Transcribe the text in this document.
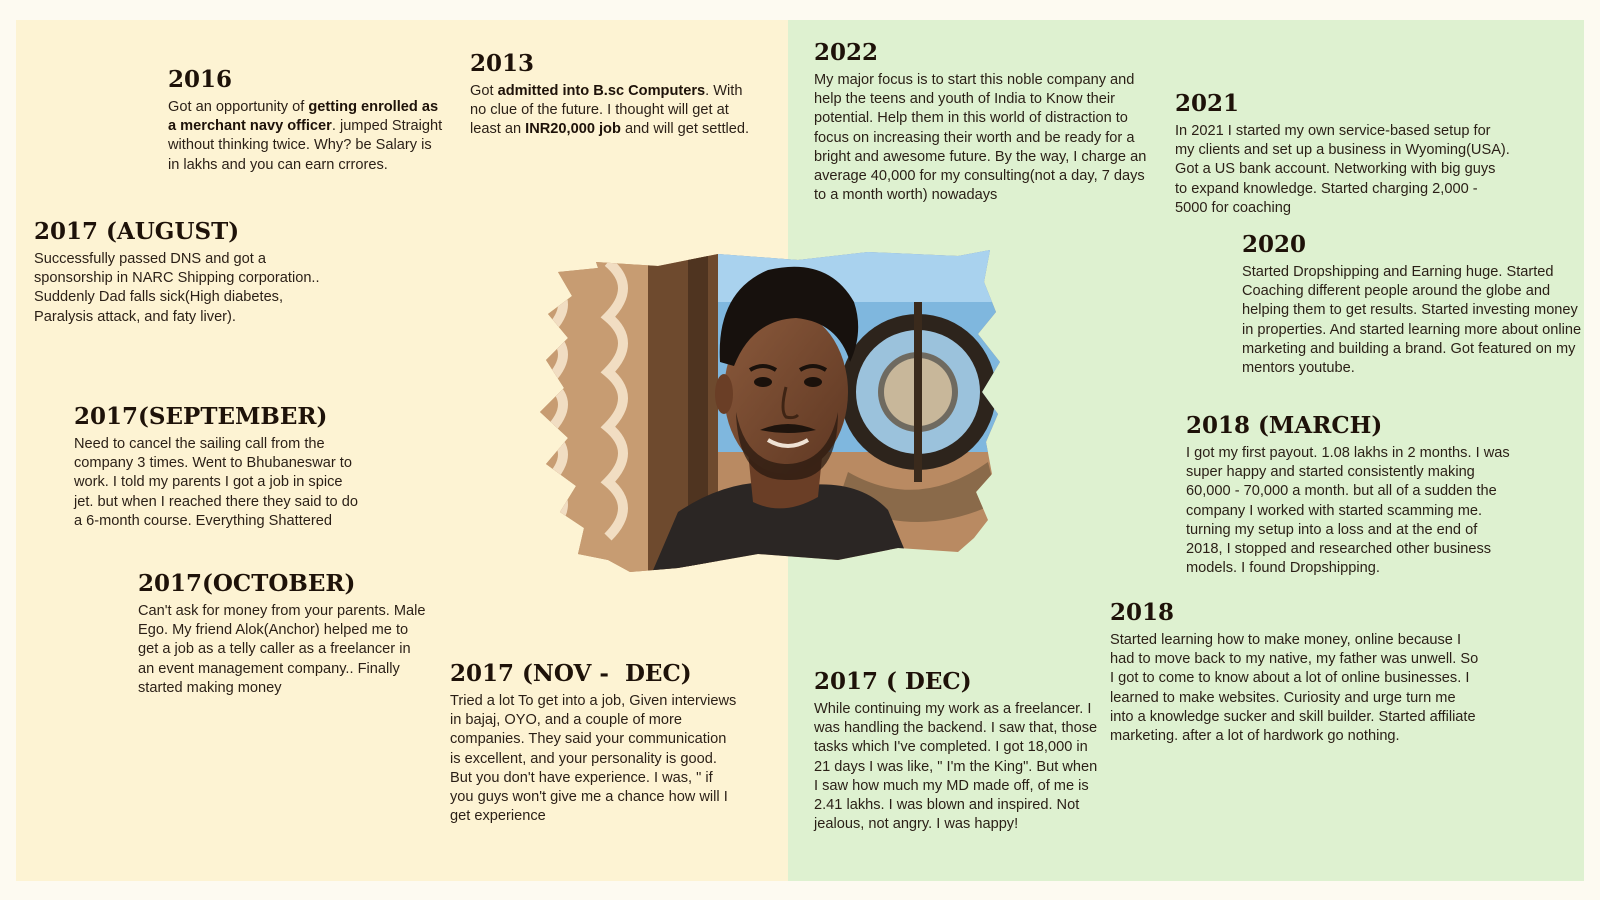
2016

Got an opportunity of getting enrolled as a merchant navy officer. jumped Straight without thinking twice. Why? be Salary is in lakhs and you can earn crrores.

2013

Got admitted into B.sc Computers. With no clue of the future. I thought will get at least an INR20,000 job and will get settled.

2022

My major focus is to start this noble company and help the teens and youth of India to Know their potential. Help them in this world of distraction to focus on increasing their worth and be ready for a bright and awesome future. By the way, I charge an average 40,000 for my consulting(not a day, 7 days to a month worth) nowadays

2021

In 2021 I started my own service-based setup for my clients and set up a business in Wyoming(USA). Got a US bank account. Networking with big guys to expand knowledge. Started charging 2,000 - 5000 for coaching

2017 (AUGUST)

Successfully passed DNS and got a sponsorship in NARC Shipping corporation.. Suddenly Dad falls sick(High diabetes, Paralysis attack, and faty liver).

2020

Started Dropshipping and Earning huge. Started Coaching different people around the globe and helping them to get results. Started investing money in properties. And started learning more about online marketing and building a brand. Got featured on my mentors youtube.

2017(SEPTEMBER)

Need to cancel the sailing call from the company 3 times. Went to Bhubaneswar to work. I told my parents I got a job in spice jet. but when I reached there they said to do a 6-month course. Everything Shattered

2018 (MARCH)

I got my first payout. 1.08 lakhs in 2 months. I was super happy and started consistently making 60,000 - 70,000 a month. but all of a sudden the company I worked with started scamming me. turning my setup into a loss and at the end of 2018, I stopped and researched other business models. I found Dropshipping.

2017(OCTOBER)

Can't ask for money from your parents. Male Ego. My friend Alok(Anchor) helped me to get a job as a telly caller as a freelancer in an event management company.. Finally started making money

2018

Started learning how to make money, online because I had to move back to my native, my father was unwell. So I got to come to know about a lot of online businesses. I learned to make websites. Curiosity and urge turn me into a knowledge sucker and skill builder. Started affiliate marketing. after a lot of hardwork go nothing.

2017 (NOV -  DEC)

Tried a lot To get into a job, Given interviews in bajaj, OYO, and a couple of more companies. They said your communication is excellent, and your personality is good. But you don't have experience. I was, " if you guys won't give me a chance how will I get experience

2017 ( DEC)

While continuing my work as a freelancer. I was handling the backend. I saw that, those tasks which I've completed. I got 18,000 in 21 days I was like, " I'm the King". But when I saw how much my MD made off, of me is 2.41 lakhs. I was blown and inspired. Not jealous, not angry. I was happy!
